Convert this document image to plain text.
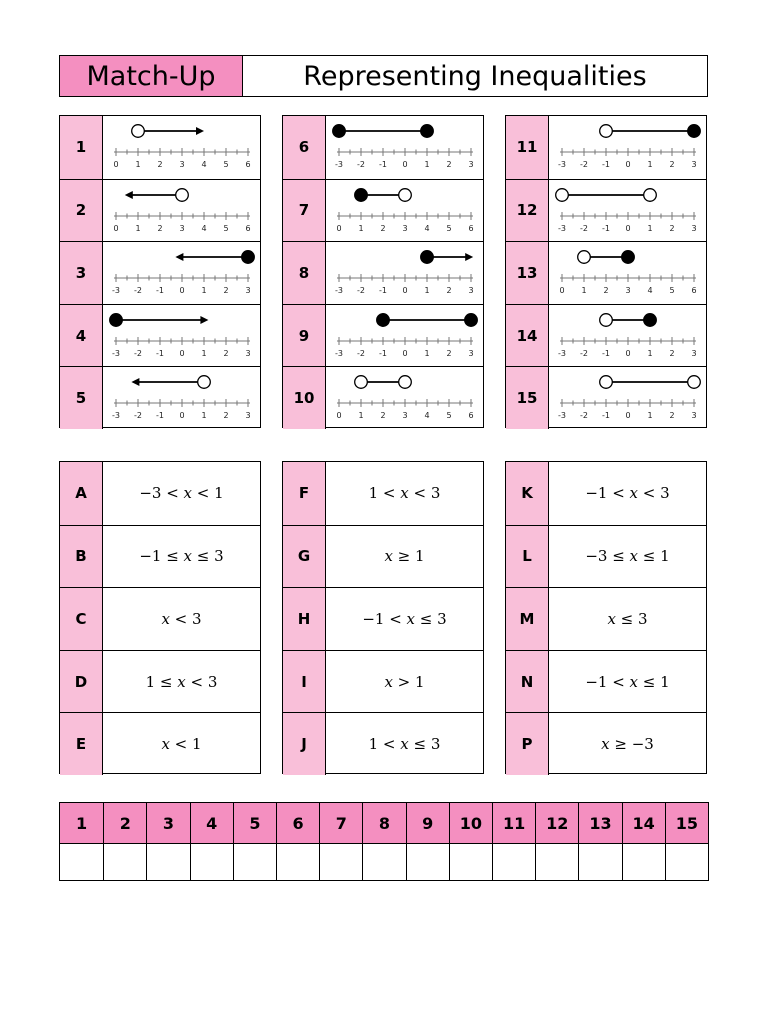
Match-Up	Representing Inequalities
1
0 1 2 3 4 5 6
2
0 1 2 3 4 5 6
3
-3 -2 -1 0 1 2 3
4
-3 -2 -1 0 1 2 3
5
-3 -2 -1 0 1 2 3
6
-3 -2 -1 0 1 2 3
7
0 1 2 3 4 5 6
8
-3 -2 -1 0 1 2 3
9
-3 -2 -1 0 1 2 3
10
0 1 2 3 4 5 6
11
-3 -2 -1 0 1 2 3
12
-3 -2 -1 0 1 2 3
13
0 1 2 3 4 5 6
14
-3 -2 -1 0 1 2 3
15
-3 -2 -1 0 1 2 3
A	−3 < 𝑥 < 1
B	−1 ≤ 𝑥 ≤ 3
C	𝑥 < 3
D	1 ≤ 𝑥 < 3
E	𝑥 < 1
F	1 < 𝑥 < 3
G	𝑥 ≥ 1
H	−1 < 𝑥 ≤ 3
I	𝑥 > 1
J	1 < 𝑥 ≤ 3
K	−1 < 𝑥 < 3
L	−3 ≤ 𝑥 ≤ 1
M	𝑥 ≤ 3
N	−1 < 𝑥 ≤ 1
P	𝑥 ≥ −3
1	2	3	4	5	6	7	8	9	10	11	12	13	14	15
